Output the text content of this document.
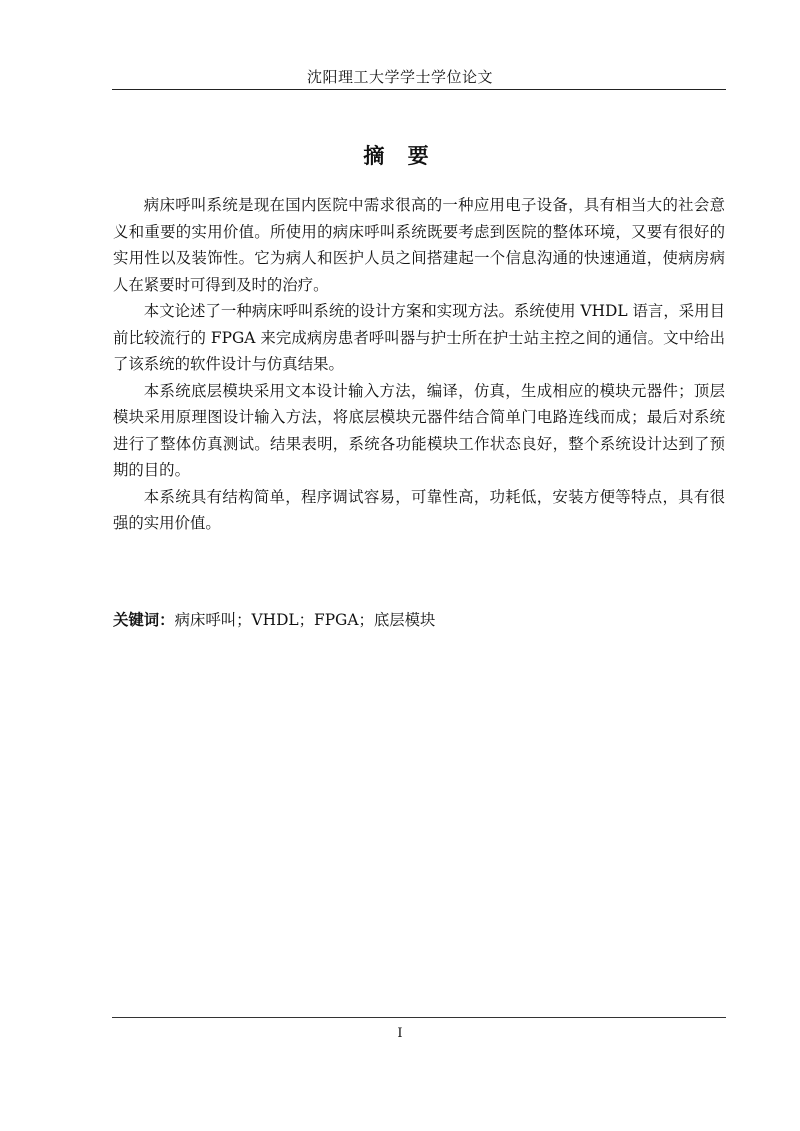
沈阳理工大学学士学位论文
摘 要

病床呼叫系统是现在国内医院中需求很高的一种应用电子设备，具有相当大的社会意义和重要的实用价值。所使用的病床呼叫系统既要考虑到医院的整体环境，又要有很好的实用性以及装饰性。它为病人和医护人员之间搭建起一个信息沟通的快速通道，使病房病人在紧要时可得到及时的治疗。

本文论述了一种病床呼叫系统的设计方案和实现方法。系统使用 VHDL 语言，采用目前比较流行的 FPGA 来完成病房患者呼叫器与护士所在护士站主控之间的通信。文中给出了该系统的软件设计与仿真结果。

本系统底层模块采用文本设计输入方法，编译，仿真，生成相应的模块元器件；顶层模块采用原理图设计输入方法，将底层模块元器件结合简单门电路连线而成；最后对系统进行了整体仿真测试。结果表明，系统各功能模块工作状态良好，整个系统设计达到了预期的目的。

本系统具有结构简单，程序调试容易，可靠性高，功耗低，安装方便等特点，具有很强的实用价值。

关键词：病床呼叫；VHDL；FPGA；底层模块
I
